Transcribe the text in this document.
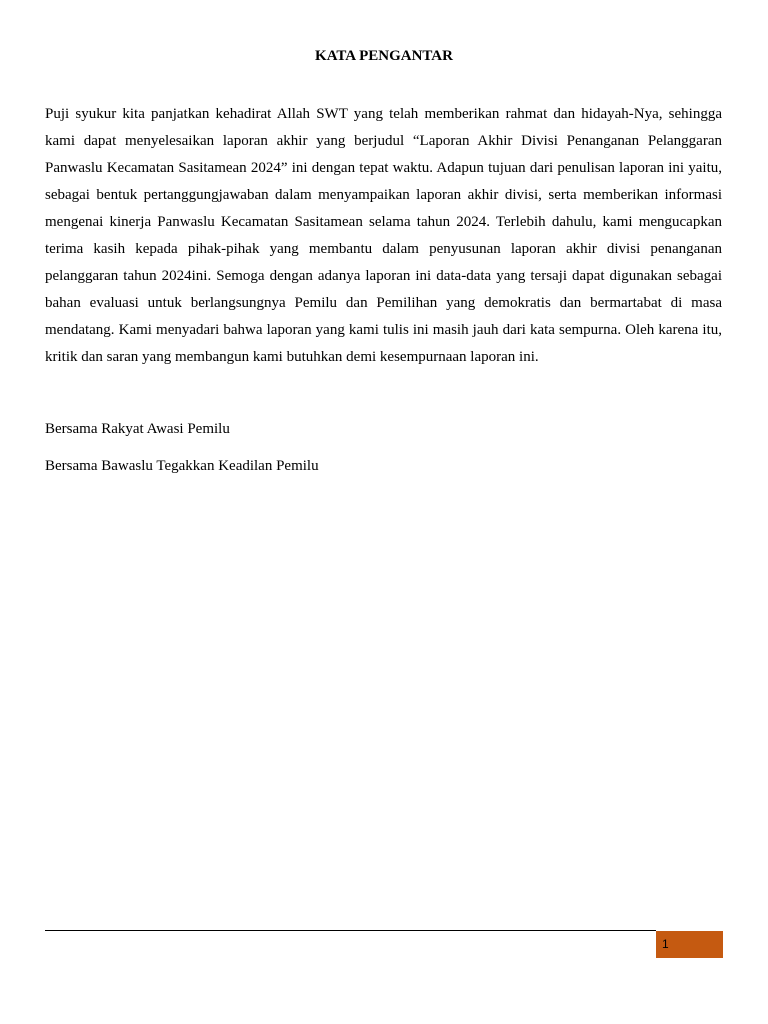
KATA PENGANTAR

Puji syukur kita panjatkan kehadirat Allah SWT yang telah memberikan rahmat dan hidayah-Nya, sehingga kami dapat menyelesaikan laporan akhir yang berjudul “Laporan Akhir Divisi Penanganan Pelanggaran Panwaslu Kecamatan Sasitamean 2024” ini dengan tepat waktu. Adapun tujuan dari penulisan laporan ini yaitu, sebagai bentuk pertanggungjawaban dalam menyampaikan laporan akhir divisi, serta memberikan informasi mengenai kinerja Panwaslu Kecamatan Sasitamean selama tahun 2024. Terlebih dahulu, kami mengucapkan terima kasih kepada pihak-pihak yang membantu dalam penyusunan laporan akhir divisi penanganan pelanggaran tahun 2024ini. Semoga dengan adanya laporan ini data-data yang tersaji dapat digunakan sebagai bahan evaluasi untuk berlangsungnya Pemilu dan Pemilihan yang demokratis dan bermartabat di masa mendatang. Kami menyadari bahwa laporan yang kami tulis ini masih jauh dari kata sempurna. Oleh karena itu, kritik dan saran yang membangun kami butuhkan demi kesempurnaan laporan ini.

Bersama Rakyat Awasi Pemilu

Bersama Bawaslu Tegakkan Keadilan Pemilu

1
